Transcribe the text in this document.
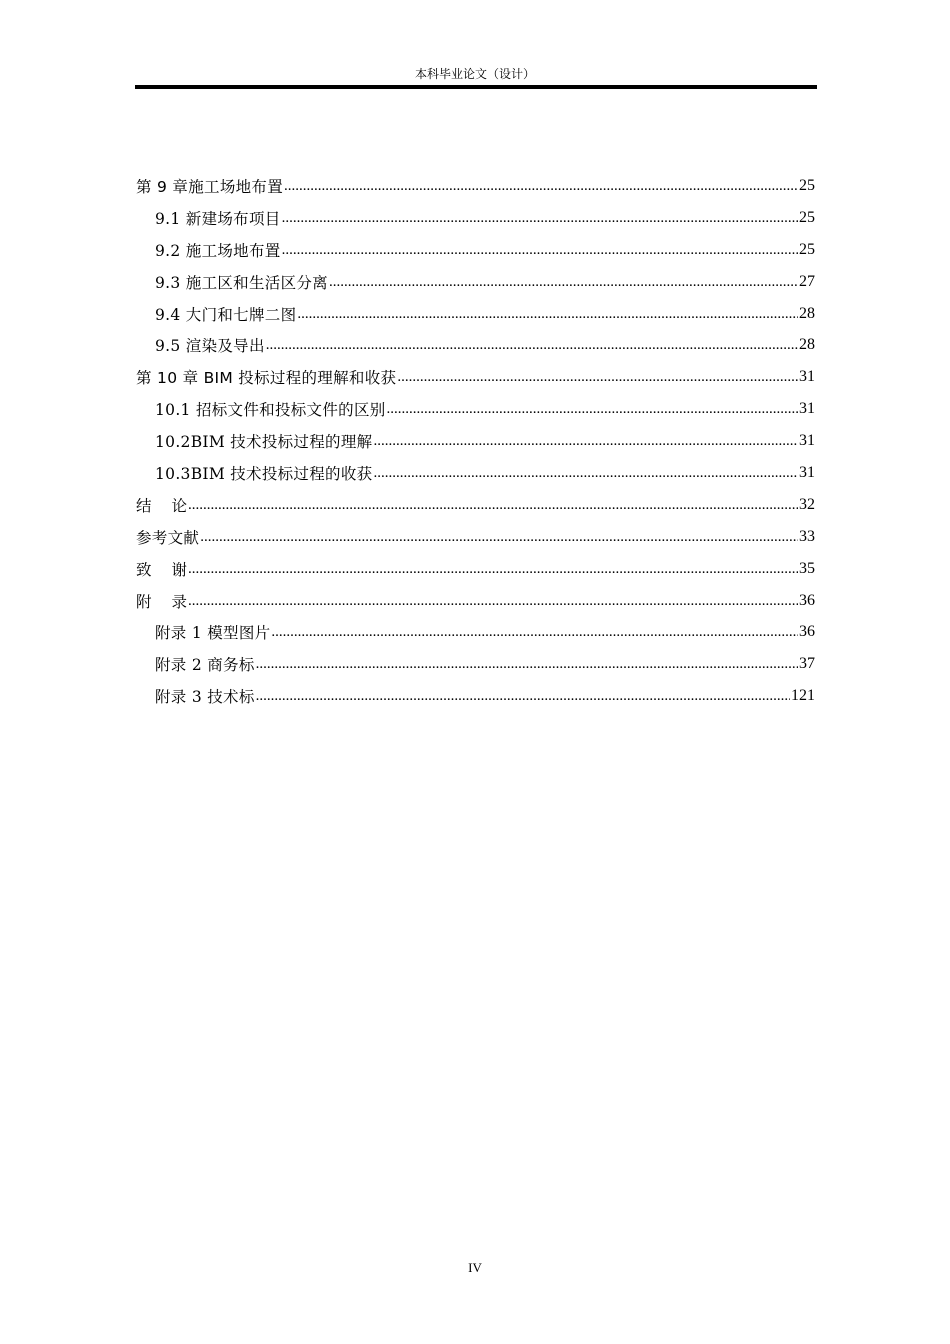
本科毕业论文（设计）
第 9 章施工场地布置 .....	25
9.1 新建场布项目 .....	25
9.2 施工场地布置 .....	25
9.3 施工区和生活区分离 .....	27
9.4 大门和七牌二图 .....	28
9.5 渲染及导出 .....	28
第 10 章 BIM 投标过程的理解和收获 .....	31
10.1 招标文件和投标文件的区别 .....	31
10.2BIM 技术投标过程的理解 .....	31
10.3BIM 技术投标过程的收获 .....	31
结论 .....	32
参考文献 .....	33
致谢 .....	35
附录 .....	36
附录 1 模型图片 .....	36
附录 2 商务标 .....	37
附录 3 技术标 .....	121
IV
